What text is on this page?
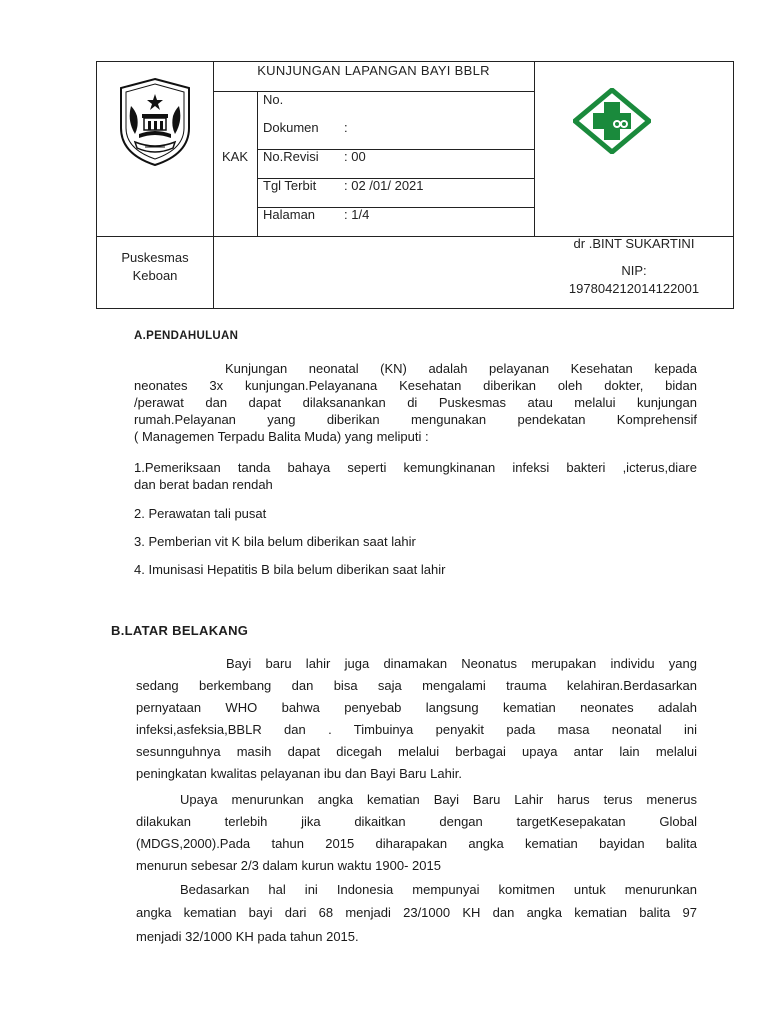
KUNJUNGAN LAPANGAN BAYI BBLR
KAK
No.
Dokumen :
No.Revisi : 00
Tgl Terbit : 02 /01/ 2021
Halaman : 1/4
Puskesmas
Keboan
dr .BINT SUKARTINI
NIP:
197804212014122001
A.PENDAHULUAN
Kunjungan neonatal (KN) adalah pelayanan Kesehatan kepada
neonates 3x kunjungan.Pelayanana Kesehatan diberikan oleh dokter, bidan
/perawat dan dapat dilaksanankan di Puskesmas atau melalui kunjungan
rumah.Pelayanan yang diberikan mengunakan pendekatan Komprehensif
( Managemen Terpadu Balita Muda) yang meliputi :
1.Pemeriksaan tanda bahaya seperti kemungkinanan infeksi bakteri ,icterus,diare
dan berat badan rendah
2. Perawatan tali pusat
3. Pemberian vit K bila belum diberikan saat lahir
4. Imunisasi Hepatitis B bila belum diberikan saat lahir
B.LATAR BELAKANG
Bayi baru lahir juga dinamakan Neonatus merupakan individu yang
sedang berkembang dan bisa saja mengalami trauma kelahiran.Berdasarkan
pernyataan WHO bahwa penyebab langsung kematian neonates adalah
infeksi,asfeksia,BBLR dan . Timbuinya penyakit pada masa neonatal ini
sesunnguhnya masih dapat dicegah melalui berbagai upaya antar lain melalui
peningkatan kwalitas pelayanan ibu dan Bayi Baru Lahir.
Upaya menurunkan angka kematian Bayi Baru Lahir harus terus menerus
dilakukan terlebih jika dikaitkan dengan targetKesepakatan Global
(MDGS,2000).Pada tahun 2015 diharapakan angka kematian bayidan balita
menurun sebesar 2/3 dalam kurun waktu 1900- 2015
Bedasarkan hal ini Indonesia mempunyai komitmen untuk menurunkan
angka kematian bayi dari 68 menjadi 23/1000 KH dan angka kematian balita 97
menjadi 32/1000 KH pada tahun 2015.
